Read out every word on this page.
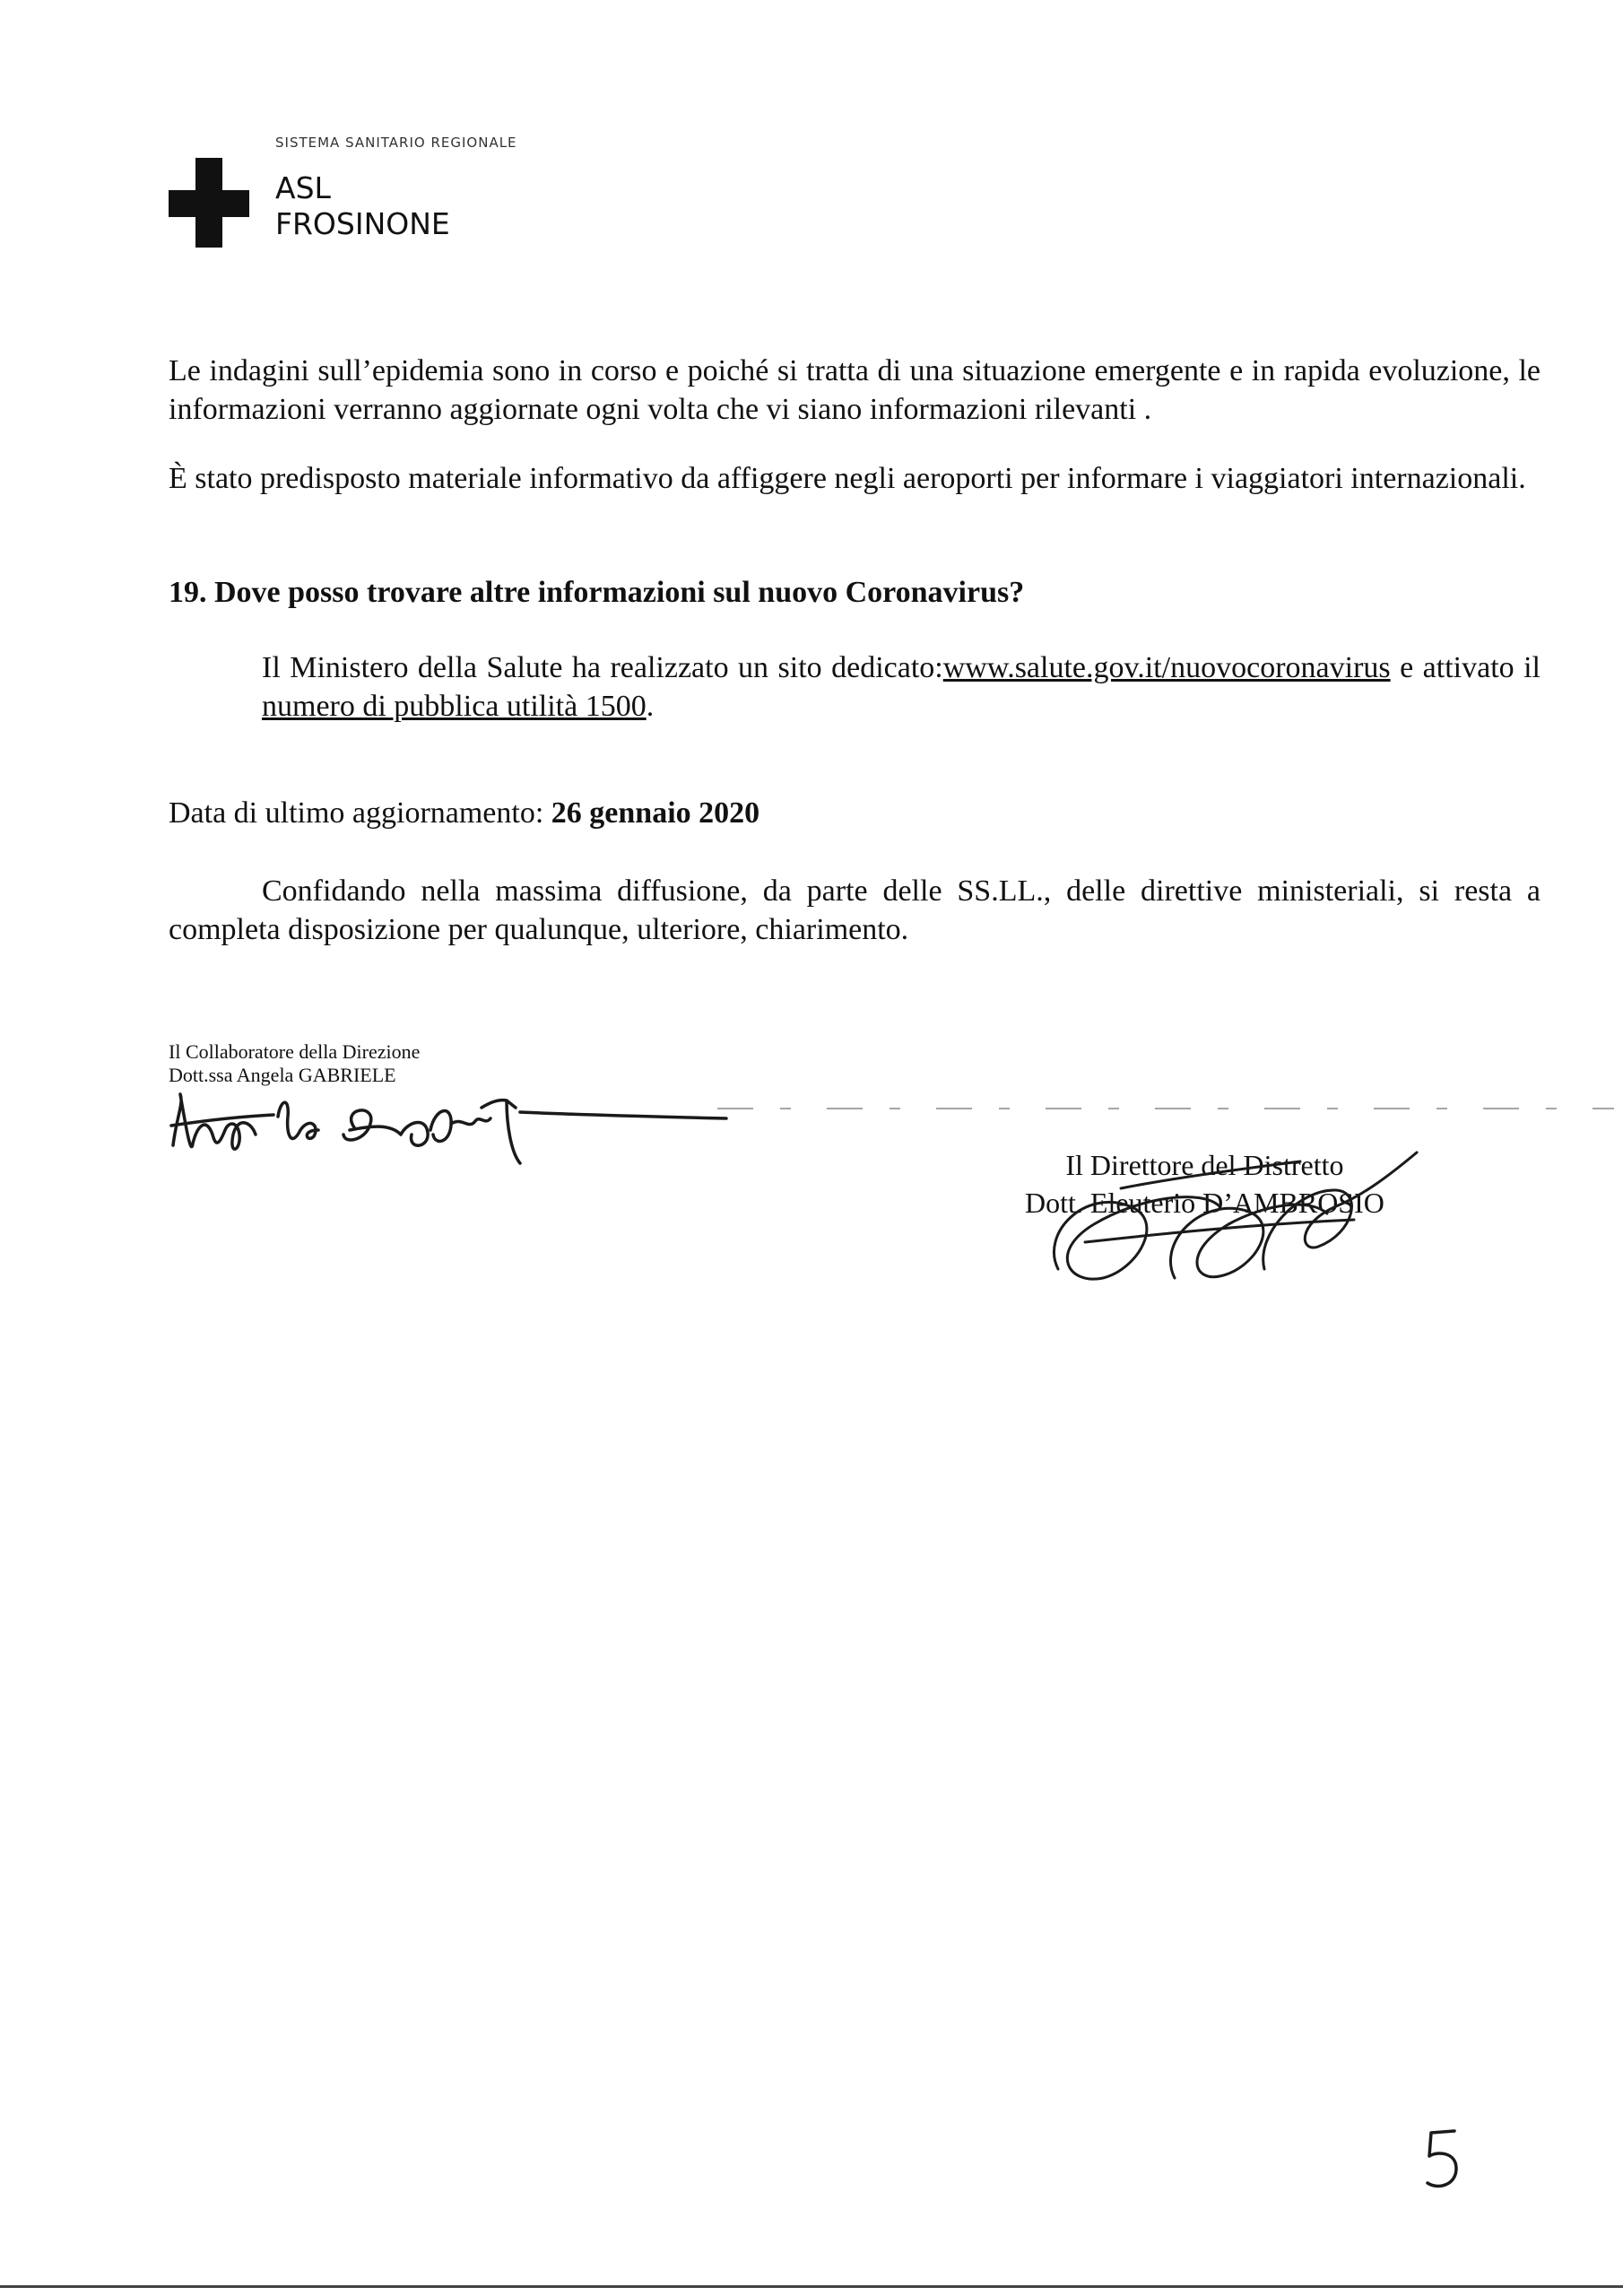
SISTEMA SANITARIO REGIONALE
ASL
FROSINONE
Le indagini sull’epidemia sono in corso e poiché si tratta di una situazione emergente e in rapida evoluzione, le informazioni verranno aggiornate ogni volta che vi siano informazioni rilevanti .
È stato predisposto materiale informativo da affiggere negli aeroporti per informare i viaggiatori internazionali.
19. Dove posso trovare altre informazioni sul nuovo Coronavirus?
Il Ministero della Salute ha realizzato un sito dedicato:www.salute.gov.it/nuovocoronavirus e attivato il numero di pubblica utilità 1500.
Data di ultimo aggiornamento: 26 gennaio 2020
Confidando nella massima diffusione, da parte delle SS.LL., delle direttive ministeriali, si resta a completa disposizione per qualunque, ulteriore, chiarimento.
Il Collaboratore della Direzione
Dott.ssa Angela GABRIELE
Il Direttore del Distretto
Dott. Eleuterio D’AMBROSIO
5
